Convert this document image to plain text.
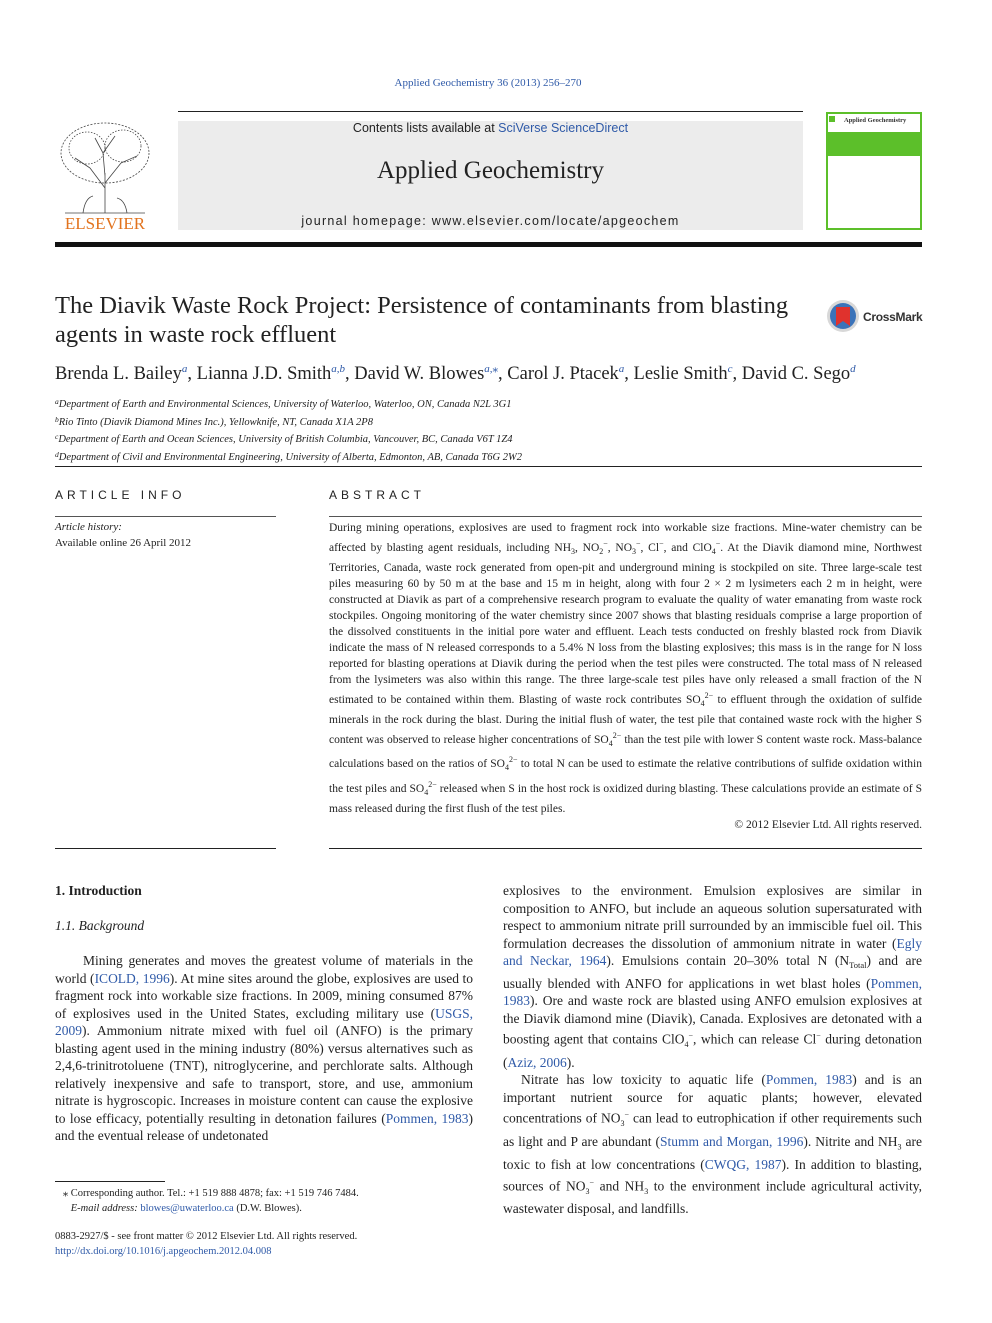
Applied Geochemistry 36 (2013) 256–270
ELSEVIER
Contents lists available at SciVerse ScienceDirect
Applied Geochemistry
journal homepage: www.elsevier.com/locate/apgeochem
Applied Geochemistry
The Diavik Waste Rock Project: Persistence of contaminants from blasting agents in waste rock effluent
CrossMark
Brenda L. Bailey$^a$, Lianna J.D. Smith$^{a,b}$, David W. Blowes$^{a,⁎}$, Carol J. Ptacek$^a$, Leslie Smith$^c$, David C. Sego$^d$
$^a$Department of Earth and Environmental Sciences, University of Waterloo, Waterloo, ON, Canada N2L 3G1
$^b$Rio Tinto (Diavik Diamond Mines Inc.), Yellowknife, NT, Canada X1A 2P8
$^c$Department of Earth and Ocean Sciences, University of British Columbia, Vancouver, BC, Canada V6T 1Z4
$^d$Department of Civil and Environmental Engineering, University of Alberta, Edmonton, AB, Canada T6G 2W2
ARTICLE INFO	ABSTRACT
Article history:
Available online 26 April 2012
During mining operations, explosives are used to fragment rock into workable size fractions. Mine-water chemistry can be affected by blasting agent residuals, including $NH_3$, $NO_2^-$, $NO_3^-$, Cl−, and ClO$_4$−. At the Diavik diamond mine, Northwest Territories, Canada, waste rock generated from open-pit and underground mining is stockpiled on site. Three large-scale test piles measuring 60 by 50 m at the base and 15 m in height, along with four 2 × 2 m lysimeters each 2 m in height, were constructed at Diavik as part of a comprehensive research program to evaluate the quality of water emanating from waste rock stockpiles. Ongoing monitoring of the water chemistry since 2007 shows that blasting residuals comprise a large proportion of the dissolved constituents in the initial pore water and effluent. Leach tests conducted on freshly blasted rock from Diavik indicate the mass of N released corresponds to a 5.4% N loss from the blasting explosives; this mass is in the range for N loss reported for blasting operations at Diavik during the period when the test piles were constructed. The total mass of N released from the lysimeters was also within this range. The three large-scale test piles have only released a small fraction of the N estimated to be contained within them. Blasting of waste rock contributes $SO_4^{2-}$ to effluent through the oxidation of sulfide minerals in the rock during the blast. During the initial flush of water, the test pile that contained waste rock with the higher S content was observed to release higher concentrations of $SO_4^{2-}$ than the test pile with lower S content waste rock. Mass-balance calculations based on the ratios of $SO_4^{2-}$ to total N can be used to estimate the relative contributions of sulfide oxidation within the test piles and $SO_4^{2-}$ released when S in the host rock is oxidized during blasting. These calculations provide an estimate of S mass released during the first flush of the test piles.
© 2012 Elsevier Ltd. All rights reserved.
1. Introduction
1.1. Background
Mining generates and moves the greatest volume of materials in the world (ICOLD, 1996). At mine sites around the globe, explosives are used to fragment rock into workable size fractions. In 2009, mining consumed 87% of explosives used in the United States, excluding military use (USGS, 2009). Ammonium nitrate mixed with fuel oil (ANFO) is the primary blasting agent used in the mining industry (80%) versus alternatives such as 2,4,6-trinitrotoluene (TNT), nitroglycerine, and perchlorate salts. Although relatively inexpensive and safe to transport, store, and use, ammonium nitrate is hygroscopic. Increases in moisture content can cause the explosive to lose efficacy, potentially resulting in detonation failures (Pommen, 1983) and the eventual release of undetonated

explosives to the environment. Emulsion explosives are similar in composition to ANFO, but include an aqueous solution supersaturated with respect to ammonium nitrate prill surrounded by an immiscible fuel oil. This formulation decreases the dissolution of ammonium nitrate in water (Egly and Neckar, 1964). Emulsions contain 20–30% total N $(N_{Total})$ and are usually blended with ANFO for applications in wet blast holes (Pommen, 1983). Ore and waste rock are blasted using ANFO emulsion explosives at the Diavik diamond mine (Diavik), Canada. Explosives are detonated with a boosting agent that contains ClO$_4$−, which can release Cl− during detonation (Aziz, 2006).

Nitrate has low toxicity to aquatic life (Pommen, 1983) and is an important nutrient source for aquatic plants; however, elevated concentrations of $NO_3^-$ can lead to eutrophication if other requirements such as light and P are abundant (Stumm and Morgan, 1996). Nitrite and $NH_3$ are toxic to fish at low concentrations (CWQG, 1987). In addition to blasting, sources of $NO_3^-$ and $NH_3$ to the environment include agricultural activity, wastewater disposal, and landfills.

⁎ Corresponding author. Tel.: +1 519 888 4878; fax: +1 519 746 7484.
E-mail address: blowes@uwaterloo.ca (D.W. Blowes).
0883-2927/$ - see front matter © 2012 Elsevier Ltd. All rights reserved.
http://dx.doi.org/10.1016/j.apgeochem.2012.04.008
